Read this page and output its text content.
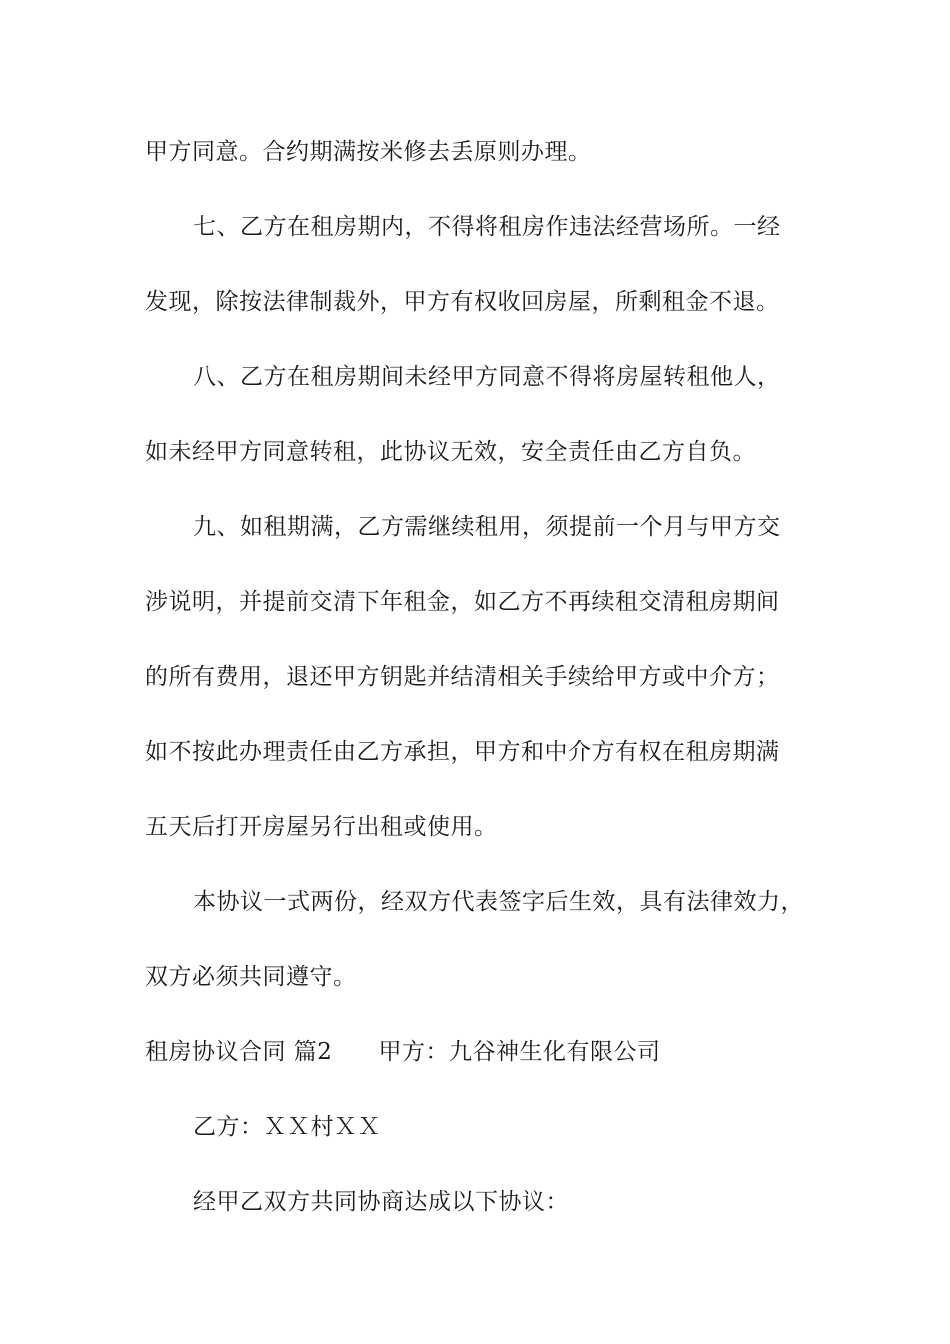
甲方同意。合约期满按米修去丢原则办理。
七、乙方在租房期内，不得将租房作违法经营场所。一经
发现，除按法律制裁外，甲方有权收回房屋，所剩租金不退。
八、乙方在租房期间未经甲方同意不得将房屋转租他人，
如未经甲方同意转租，此协议无效，安全责任由乙方自负。
九、如租期满，乙方需继续租用，须提前一个月与甲方交
涉说明，并提前交清下年租金，如乙方不再续租交清租房期间
的所有费用，退还甲方钥匙并结清相关手续给甲方或中介方；
如不按此办理责任由乙方承担，甲方和中介方有权在租房期满
五天后打开房屋另行出租或使用。
本协议一式两份，经双方代表签字后生效，具有法律效力，
双方必须共同遵守。
租房协议合同 篇2 甲方：九谷神生化有限公司
乙方：ＸＸ村ＸＸ
经甲乙双方共同协商达成以下协议：
